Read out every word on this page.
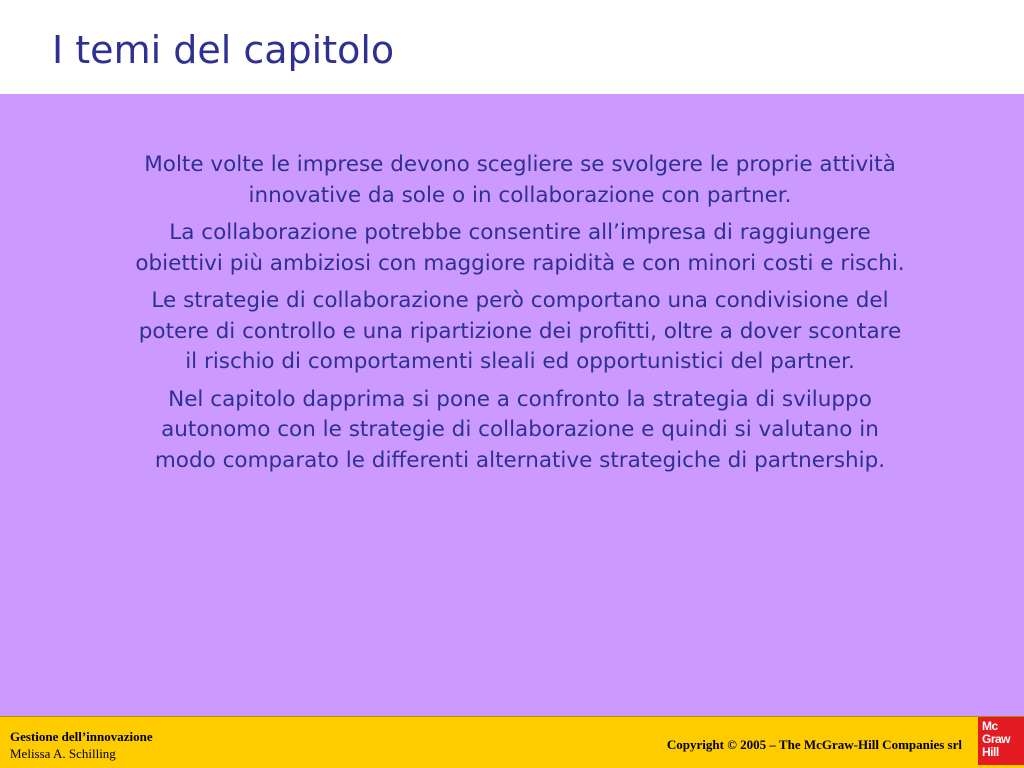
I temi del capitolo

Molte volte le imprese devono scegliere se svolgere le proprie attività innovative da sole o in collaborazione con partner.

La collaborazione potrebbe consentire all’impresa di raggiungere obiettivi più ambiziosi con maggiore rapidità e con minori costi e rischi.

Le strategie di collaborazione però comportano una condivisione del potere di controllo e una ripartizione dei profitti, oltre a dover scontare il rischio di comportamenti sleali ed opportunistici del partner.

Nel capitolo dapprima si pone a confronto la strategia di sviluppo autonomo con le strategie di collaborazione e quindi si valutano in modo comparato le differenti alternative strategiche di partnership.

Gestione dell’innovazione
Melissa A. Schilling
Copyright © 2005 – The McGraw-Hill Companies srl
Mc
Graw
Hill
